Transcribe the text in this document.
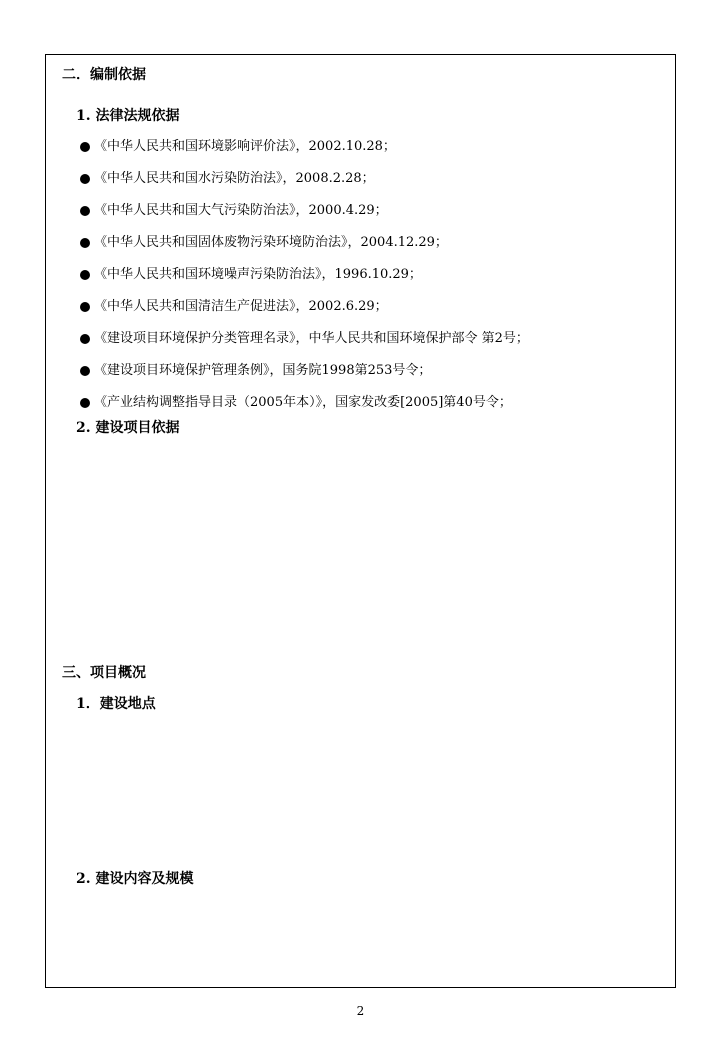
二．编制依据
1. 法律法规依据
《中华人民共和国环境影响评价法》，2002.10.28；
《中华人民共和国水污染防治法》，2008.2.28；
《中华人民共和国大气污染防治法》，2000.4.29；
《中华人民共和国固体废物污染环境防治法》，2004.12.29；
《中华人民共和国环境噪声污染防治法》，1996.10.29；
《中华人民共和国清洁生产促进法》，2002.6.29；
《建设项目环境保护分类管理名录》，中华人民共和国环境保护部令 第2号；
《建设项目环境保护管理条例》，国务院1998第253号令；
《产业结构调整指导目录（2005年本）》，国家发改委[2005]第40号令；
2. 建设项目依据
三、项目概况
1．建设地点
2. 建设内容及规模
2
